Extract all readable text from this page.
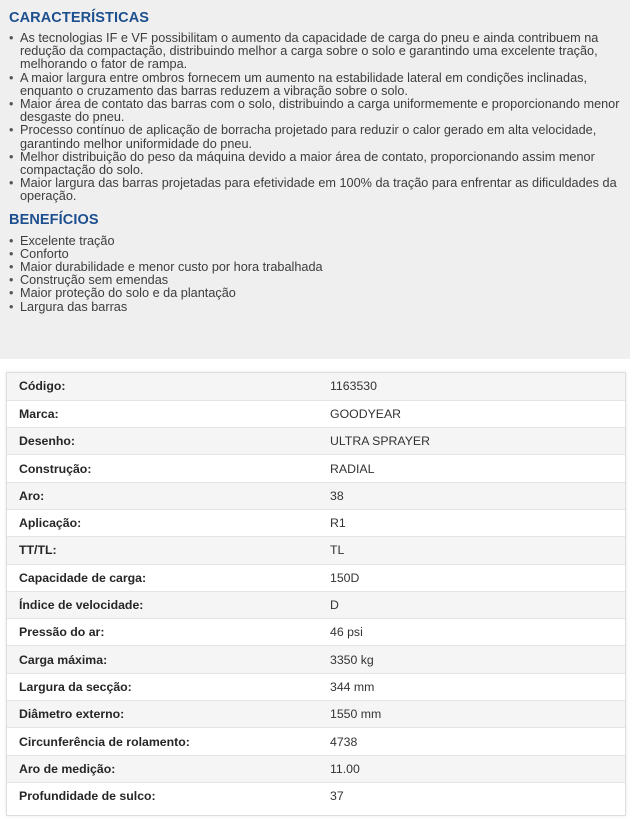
CARACTERÍSTICAS
• As tecnologias IF e VF possibilitam o aumento da capacidade de carga do pneu e ainda contribuem na redução da compactação, distribuindo melhor a carga sobre o solo e garantindo uma excelente tração, melhorando o fator de rampa.
• A maior largura entre ombros fornecem um aumento na estabilidade lateral em condições inclinadas, enquanto o cruzamento das barras reduzem a vibração sobre o solo.
• Maior área de contato das barras com o solo, distribuindo a carga uniformemente e proporcionando menor desgaste do pneu.
• Processo contínuo de aplicação de borracha projetado para reduzir o calor gerado em alta velocidade, garantindo melhor uniformidade do pneu.
• Melhor distribuição do peso da máquina devido a maior área de contato, proporcionando assim menor compactação do solo.
• Maior largura das barras projetadas para efetividade em 100% da tração para enfrentar as dificuldades da operação.
BENEFÍCIOS
• Excelente tração
• Conforto
• Maior durabilidade e menor custo por hora trabalhada
• Construção sem emendas
• Maior proteção do solo e da plantação
• Largura das barras
Código:	1163530
Marca:	GOODYEAR
Desenho:	ULTRA SPRAYER
Construção:	RADIAL
Aro:	38
Aplicação:	R1
TT/TL:	TL
Capacidade de carga:	150D
Índice de velocidade:	D
Pressão do ar:	46 psi
Carga máxima:	3350 kg
Largura da secção:	344 mm
Diâmetro externo:	1550 mm
Circunferência de rolamento:	4738
Aro de medição:	11.00
Profundidade de sulco:	37
